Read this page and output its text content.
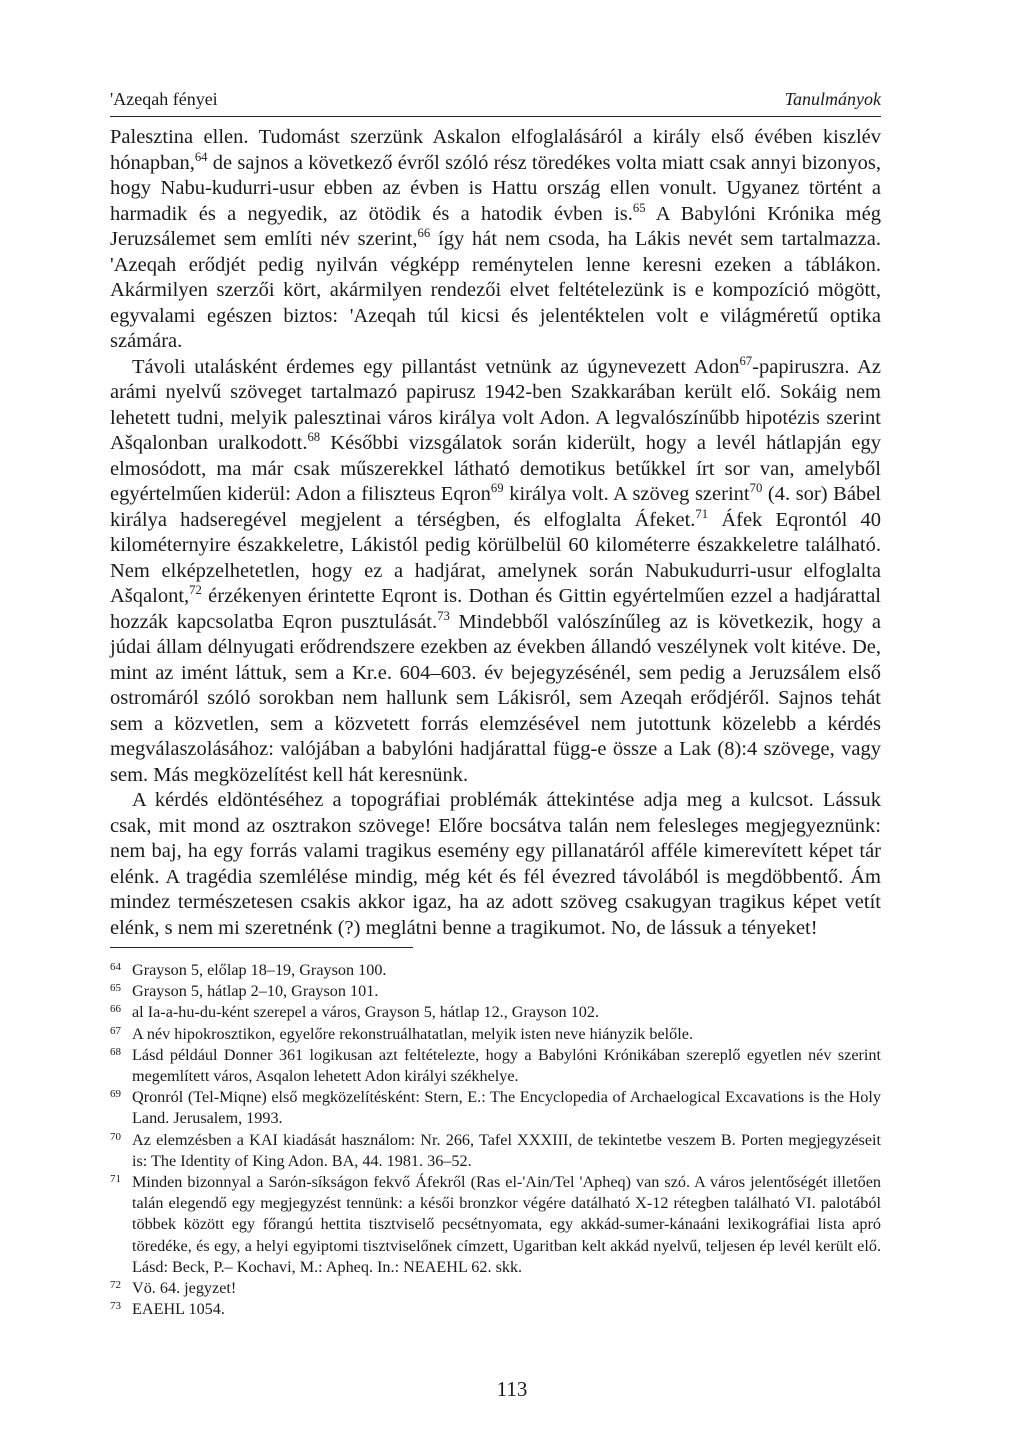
'Azeqah fényei	Tanulmányok

Palesztina ellen. Tudomást szerzünk Askalon elfoglalásáról a király első évében kiszlév hónapban,$^{64}$ de sajnos a következő évről szóló rész töredékes volta miatt csak annyi bizonyos, hogy Nabu-kudurri-usur ebben az évben is Hattu ország ellen vonult. Ugyanez történt a harmadik és a negyedik, az ötödik és a hatodik évben is.$^{65}$ A Babylóni Krónika még Jeruzsálemet sem említi név szerint,$^{66}$ így hát nem csoda, ha Lákis nevét sem tartalmazza. 'Azeqah erődjét pedig nyilván végképp reménytelen lenne keresni ezeken a táblákon. Akármilyen szerzői kört, akármilyen rendezői elvet feltételezünk is e kompozíció mögött, egyvalami egészen biztos: 'Azeqah túl kicsi és jelentéktelen volt e világméretű optika számára.

Távoli utalásként érdemes egy pillantást vetnünk az úgynevezett Adon$^{67}$-papiruszra. Az arámi nyelvű szöveget tartalmazó papirusz 1942-ben Szakkarában került elő. Sokáig nem lehetett tudni, melyik palesztinai város királya volt Adon. A legvalószínűbb hipotézis szerint Ašqalonban uralkodott.$^{68}$ Későbbi vizsgálatok során kiderült, hogy a levél hátlapján egy elmosódott, ma már csak műszerekkel látható demotikus betűkkel írt sor van, amelyből egyértelműen kiderül: Adon a filiszteus Eqron$^{69}$ királya volt. A szöveg szerint$^{70}$ (4. sor) Bábel királya hadseregével megjelent a térségben, és elfoglalta Áfeket.$^{71}$ Áfek Eqrontól 40 kilométernyire északkeletre, Lákistól pedig körülbelül 60 kilométerre északkeletre található. Nem elképzelhetetlen, hogy ez a hadjárat, amelynek során Nabukudurri-usur elfoglalta Ašqalont,$^{72}$ érzékenyen érintette Eqront is. Dothan és Gittin egyértelműen ezzel a hadjárattal hozzák kapcsolatba Eqron pusztulását.$^{73}$ Mindebből valószínűleg az is következik, hogy a júdai állam délnyugati erődrendszere ezekben az években állandó veszélynek volt kitéve. De, mint az imént láttuk, sem a Kr.e. 604–603. év bejegyzésénél, sem pedig a Jeruzsálem első ostromáról szóló sorokban nem hallunk sem Lákisról, sem Azeqah erődjéről. Sajnos tehát sem a közvetlen, sem a közvetett forrás elemzésével nem jutottunk közelebb a kérdés megválaszolásához: valójában a babylóni hadjárattal függ-e össze a Lak (8):4 szövege, vagy sem. Más megközelítést kell hát keresnünk.

A kérdés eldöntéséhez a topográfiai problémák áttekintése adja meg a kulcsot. Lássuk csak, mit mond az osztrakon szövege! Előre bocsátva talán nem felesleges megjegyeznünk: nem baj, ha egy forrás valami tragikus esemény egy pillanatáról afféle kimerevített képet tár elénk. A tragédia szemlélése mindig, még két és fél évezred távolából is megdöbbentő. Ám mindez természetesen csakis akkor igaz, ha az adott szöveg csakugyan tragikus képet vetít elénk, s nem mi szeretnénk (?) meglátni benne a tragikumot. No, de lássuk a tényeket!

64 Grayson 5, előlap 18–19, Grayson 100.
65 Grayson 5, hátlap 2–10, Grayson 101.
66 al Ia-a-hu-du-ként szerepel a város, Grayson 5, hátlap 12., Grayson 102.
67 A név hipokrosztikon, egyelőre rekonstruálhatatlan, melyik isten neve hiányzik belőle.
68 Lásd például Donner 361 logikusan azt feltételezte, hogy a Babylóni Krónikában szereplő egyetlen név szerint megemlített város, Asqalon lehetett Adon királyi székhelye.
69 Qronról (Tel-Miqne) első megközelítésként: Stern, E.: The Encyclopedia of Archaelogical Excavations is the Holy Land. Jerusalem, 1993.
70 Az elemzésben a KAI kiadását használom: Nr. 266, Tafel XXXIII, de tekintetbe veszem B. Porten megjegyzéseit is: The Identity of King Adon. BA, 44. 1981. 36–52.
71 Minden bizonnyal a Sarón-síkságon fekvő Áfekről (Ras el-'Ain/Tel 'Apheq) van szó. A város jelentőségét illetően talán elegendő egy megjegyzést tennünk: a késői bronzkor végére datálható X-12 rétegben található VI. palotából többek között egy főrangú hettita tisztviselő pecsétnyomata, egy akkád-sumer-kánaáni lexikográfiai lista apró töredéke, és egy, a helyi egyiptomi tisztviselőnek címzett, Ugaritban kelt akkád nyelvű, teljesen ép levél került elő. Lásd: Beck, P.– Kochavi, M.: Apheq. In.: NEAEHL 62. skk.
72 Vö. 64. jegyzet!
73 EAEHL 1054.
113
